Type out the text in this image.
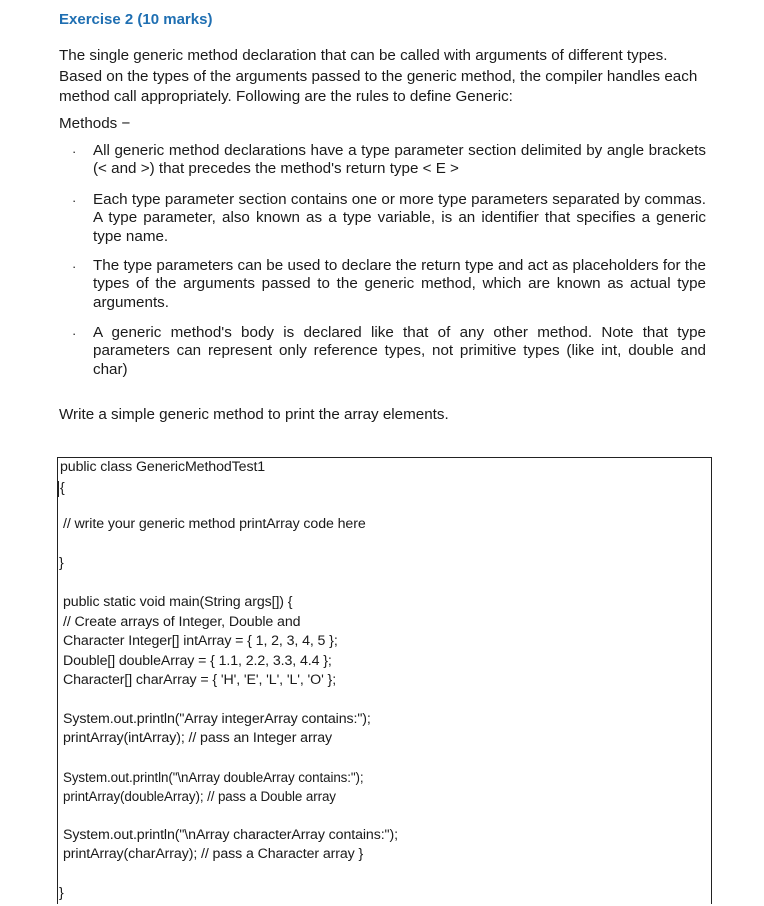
Exercise 2 (10 marks)

The single generic method declaration that can be called with arguments of different types. Based on the types of the arguments passed to the generic method, the compiler handles each method call appropriately. Following are the rules to define Generic:

Methods −
· All generic method declarations have a type parameter section delimited by angle brackets (< and >) that precedes the method's return type < E >
· Each type parameter section contains one or more type parameters separated by commas. A type parameter, also known as a type variable, is an identifier that specifies a generic type name.
· The type parameters can be used to declare the return type and act as placeholders for the types of the arguments passed to the generic method, which are known as actual type arguments.
· A generic method's body is declared like that of any other method. Note that type parameters can represent only reference types, not primitive types (like int, double and char)
Write a simple generic method to print the array elements.
public class GenericMethodTest1
{
// write your generic method printArray code here
}
public static void main(String args[]) {
// Create arrays of Integer, Double and
Character Integer[] intArray = { 1, 2, 3, 4, 5 };
Double[] doubleArray = { 1.1, 2.2, 3.3, 4.4 };
Character[] charArray = { 'H', 'E', 'L', 'L', 'O' };
System.out.println("Array integerArray contains:");
printArray(intArray); // pass an Integer array
System.out.println("\nArray doubleArray contains:");
printArray(doubleArray); // pass a Double array
System.out.println("\nArray characterArray contains:");
printArray(charArray); // pass a Character array }
}
